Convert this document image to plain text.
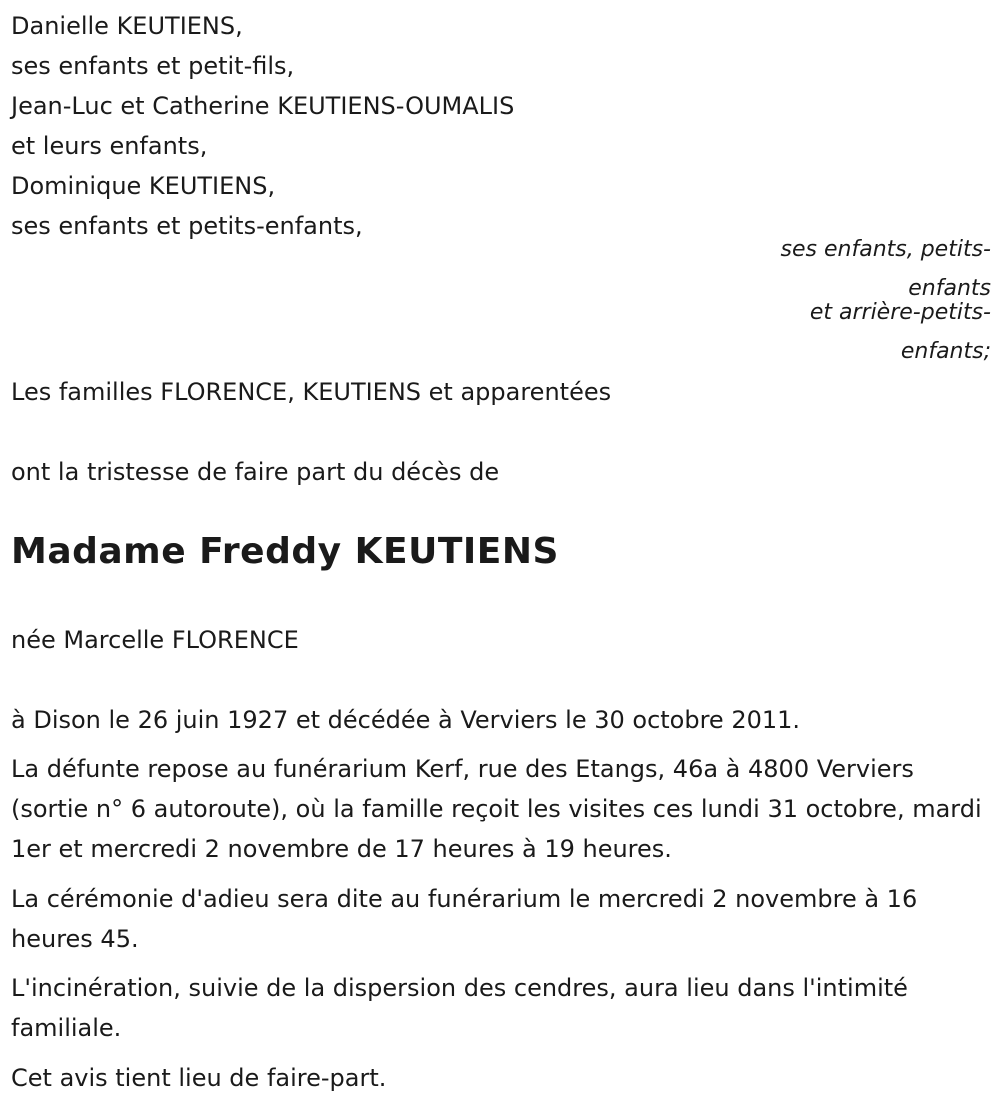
Danielle KEUTIENS,
ses enfants et petit-fils,
Jean-Luc et Catherine KEUTIENS-OUMALIS
et leurs enfants,
Dominique KEUTIENS,
ses enfants et petits-enfants,
ses enfants, petits-
enfants
et arrière-petits-
enfants;
Les familles FLORENCE, KEUTIENS et apparentées
ont la tristesse de faire part du décès de
Madame Freddy KEUTIENS
née Marcelle FLORENCE
à Dison le 26 juin 1927 et décédée à Verviers le 30 octobre 2011.
La défunte repose au funérarium Kerf, rue des Etangs, 46a à 4800 Verviers (sortie n° 6 autoroute), où la famille reçoit les visites ces lundi 31 octobre, mardi 1er et mercredi 2 novembre de 17 heures à 19 heures.
La cérémonie d'adieu sera dite au funérarium le mercredi 2 novembre à 16 heures 45.
L'incinération, suivie de la dispersion des cendres, aura lieu dans l'intimité familiale.
Cet avis tient lieu de faire-part.
